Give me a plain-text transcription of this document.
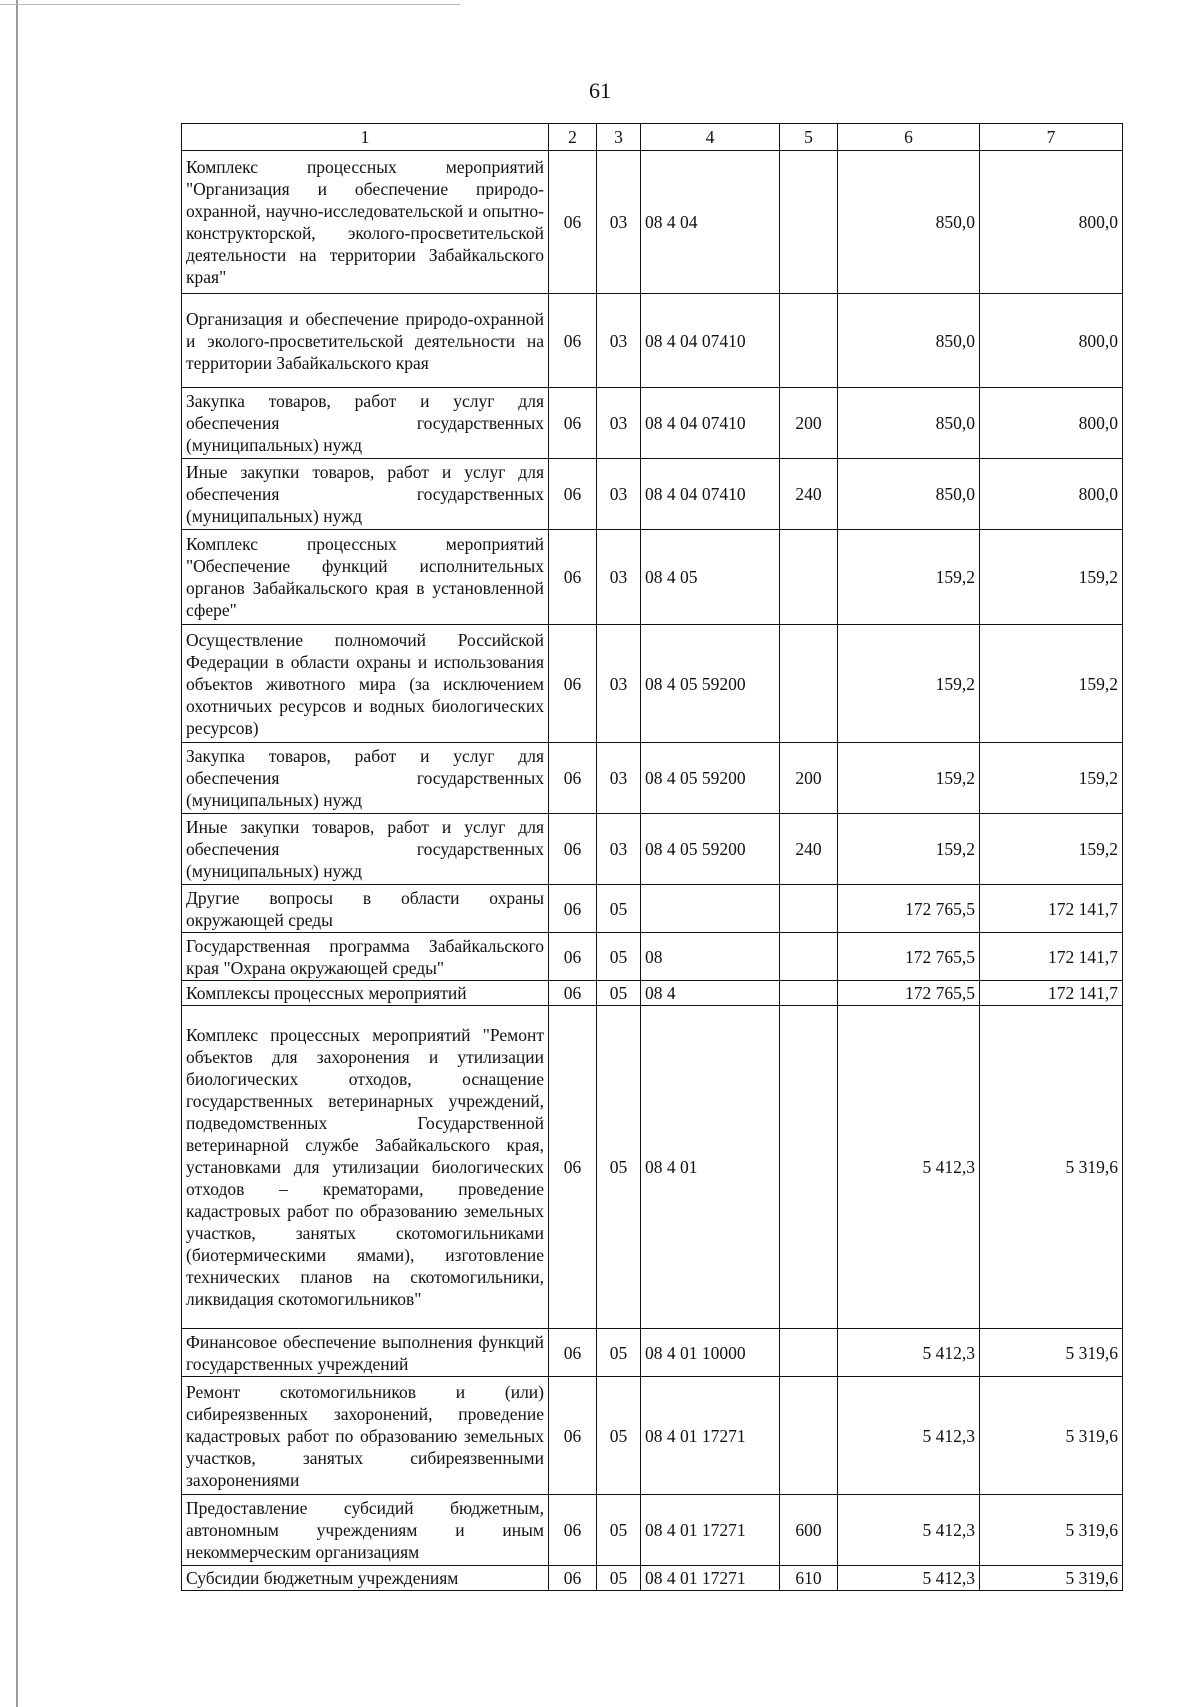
61
1	2	3	4	5	6	7
Комплекс процессных мероприятий "Организация и обеспечение природо-охранной, научно-исследовательской и опытно-конструкторской, эколого-просветительской деятельности на территории Забайкальского края"	06	03	08 4 04		850,0	800,0
Организация и обеспечение природо-охранной и эколого-просветительской деятельности на территории Забайкальского края	06	03	08 4 04 07410		850,0	800,0
Закупка товаров, работ и услуг для обеспечения государственных (муниципальных) нужд	06	03	08 4 04 07410	200	850,0	800,0
Иные закупки товаров, работ и услуг для обеспечения государственных (муниципальных) нужд	06	03	08 4 04 07410	240	850,0	800,0
Комплекс процессных мероприятий "Обеспечение функций исполнительных органов Забайкальского края в установленной сфере"	06	03	08 4 05		159,2	159,2
Осуществление полномочий Российской Федерации в области охраны и использования объектов животного мира (за исключением охотничьих ресурсов и водных биологических ресурсов)	06	03	08 4 05 59200		159,2	159,2
Закупка товаров, работ и услуг для обеспечения государственных (муниципальных) нужд	06	03	08 4 05 59200	200	159,2	159,2
Иные закупки товаров, работ и услуг для обеспечения государственных (муниципальных) нужд	06	03	08 4 05 59200	240	159,2	159,2
Другие вопросы в области охраны окружающей среды	06	05			172 765,5	172 141,7
Государственная программа Забайкальского края "Охрана окружающей среды"	06	05	08		172 765,5	172 141,7
Комплексы процессных мероприятий	06	05	08 4		172 765,5	172 141,7
Комплекс процессных мероприятий "Ремонт объектов для захоронения и утилизации биологических отходов, оснащение государственных ветеринарных учреждений, подведомственных Государственной ветеринарной службе Забайкальского края, установками для утилизации биологических отходов – крематорами, проведение кадастровых работ по образованию земельных участков, занятых скотомогильниками (биотермическими ямами), изготовление технических планов на скотомогильники, ликвидация скотомогильников"	06	05	08 4 01		5 412,3	5 319,6
Финансовое обеспечение выполнения функций государственных учреждений	06	05	08 4 01 10000		5 412,3	5 319,6
Ремонт скотомогильников и (или) сибиреязвенных захоронений, проведение кадастровых работ по образованию земельных участков, занятых сибиреязвенными захоронениями	06	05	08 4 01 17271		5 412,3	5 319,6
Предоставление субсидий бюджетным, автономным учреждениям и иным некоммерческим организациям	06	05	08 4 01 17271	600	5 412,3	5 319,6
Субсидии бюджетным учреждениям	06	05	08 4 01 17271	610	5 412,3	5 319,6
